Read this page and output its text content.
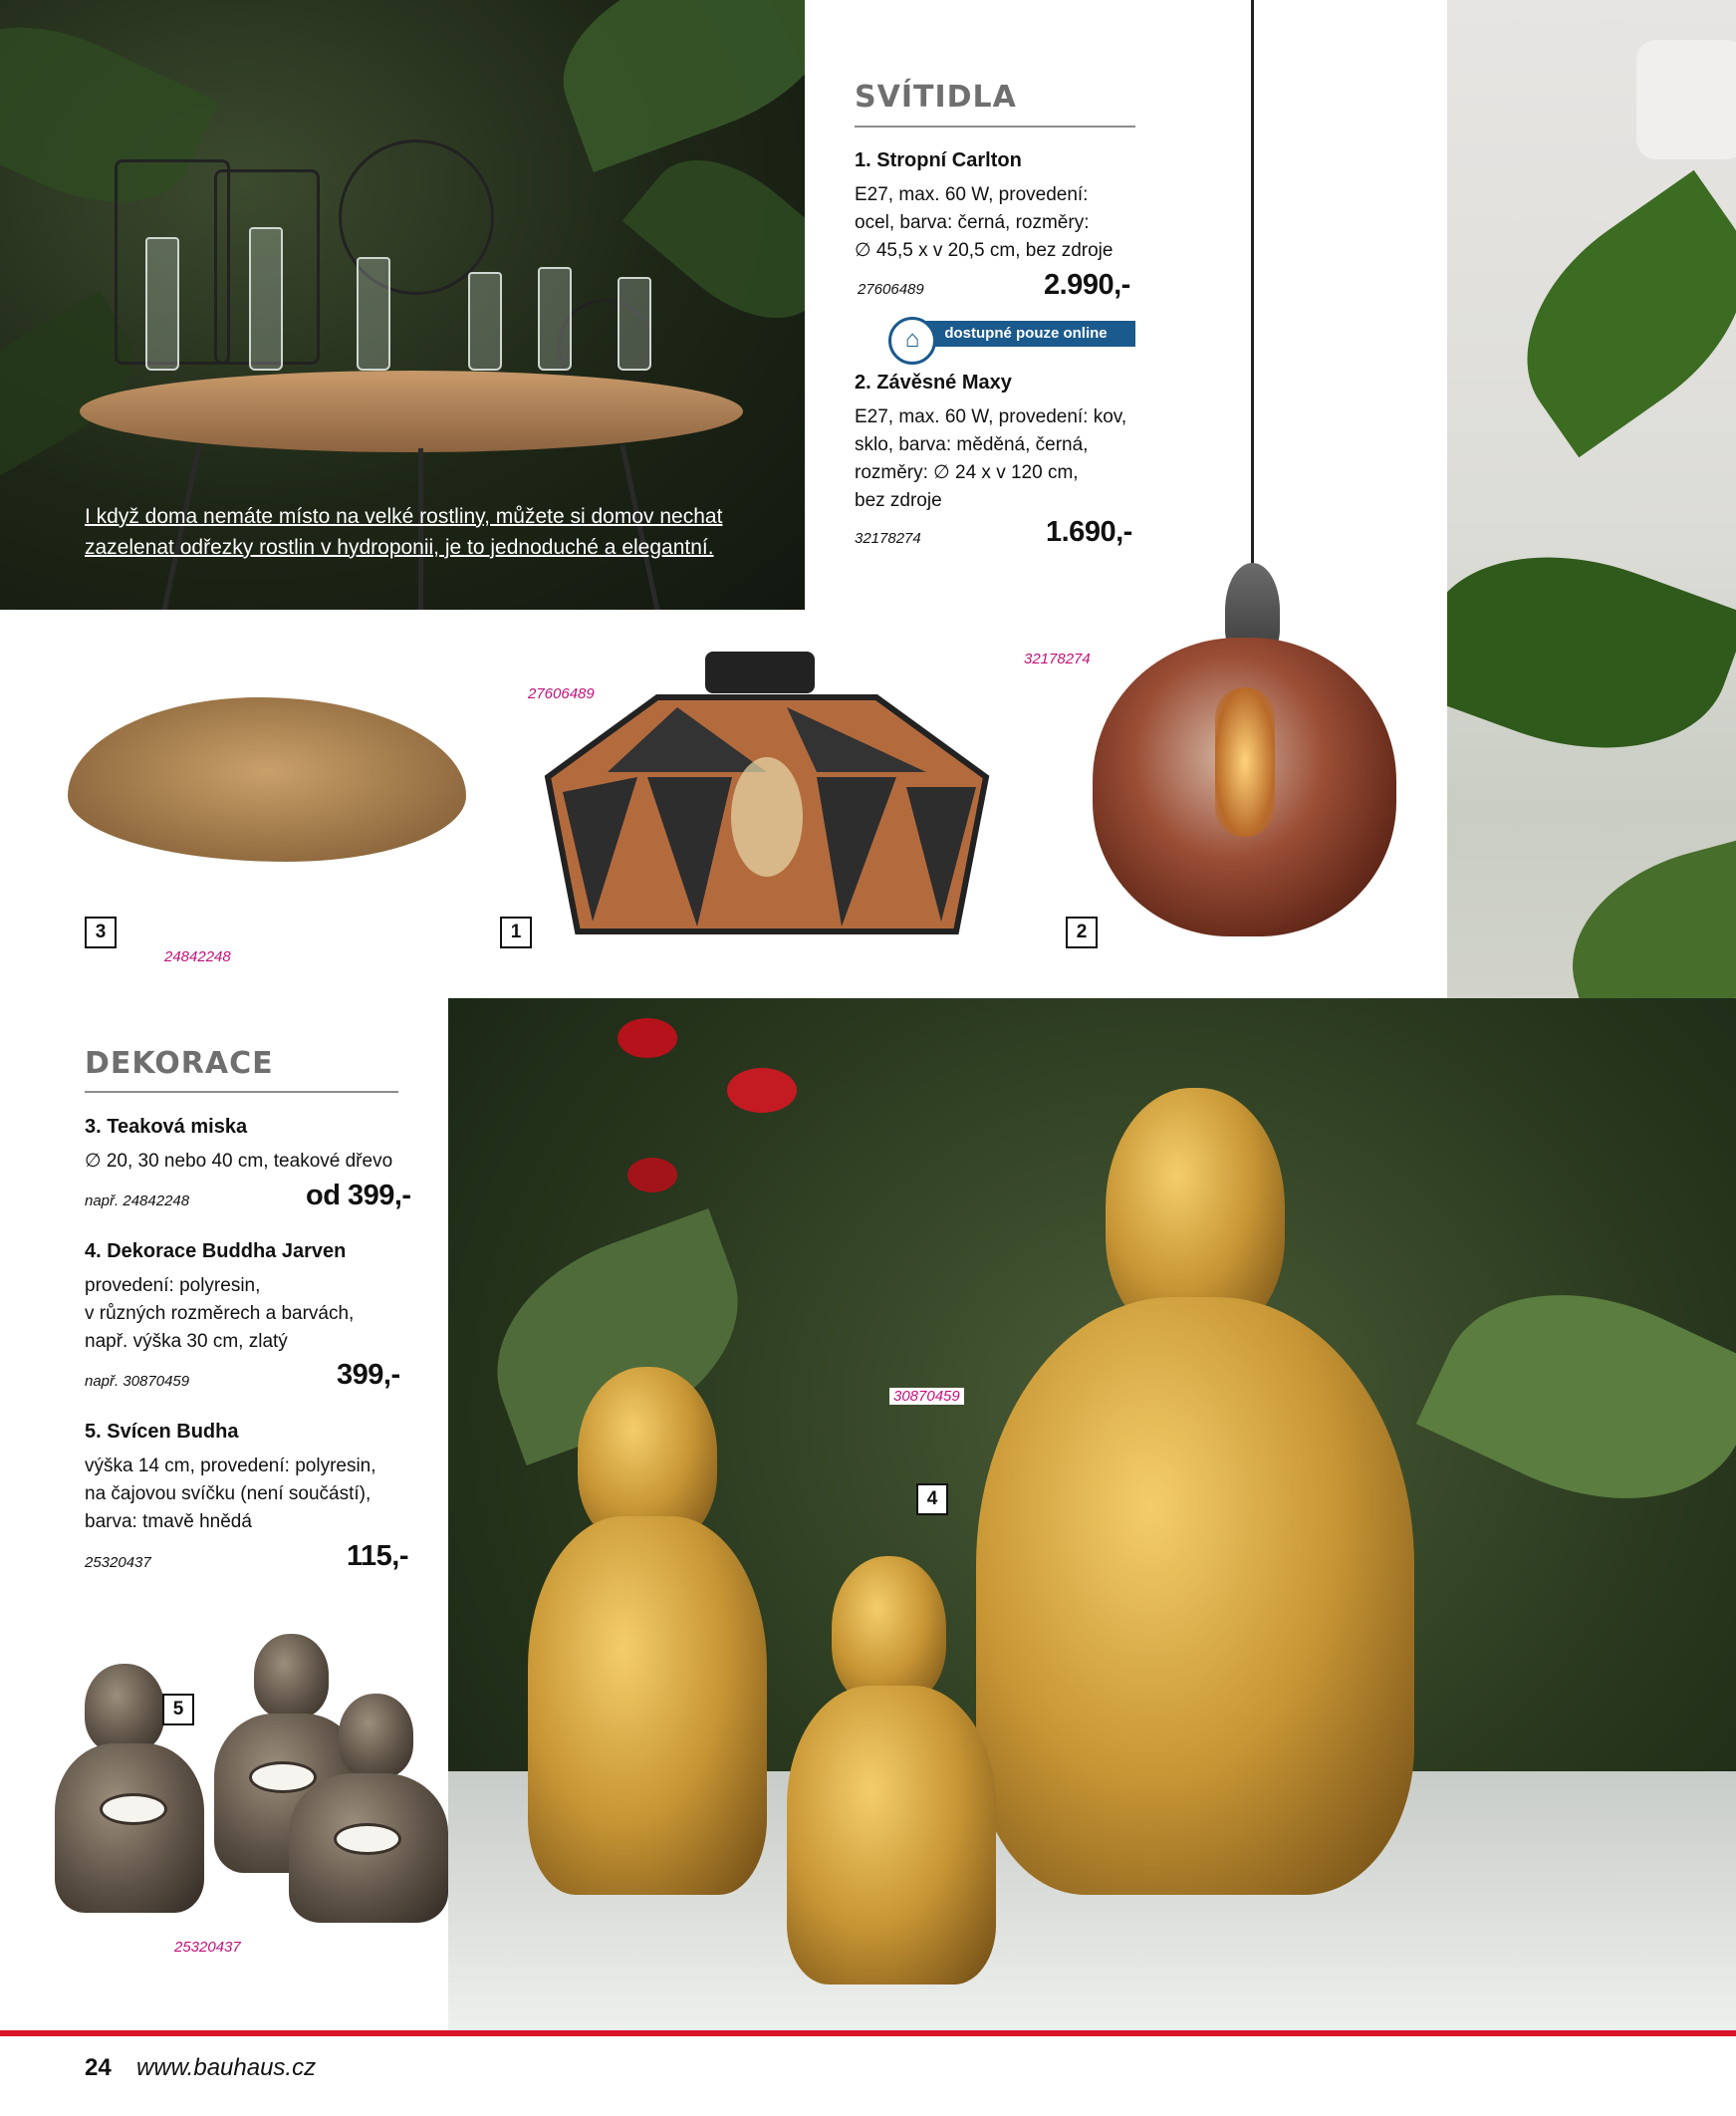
I když doma nemáte místo na velké rostliny, můžete si domov nechat
zazelenat odřezky rostlin v hydroponii, je to jednoduché a elegantní.
SVÍTIDLA
1. Stropní Carlton
E27, max. 60 W, provedení:
ocel, barva: černá, rozměry:
∅ 45,5 x v 20,5 cm, bez zdroje
27606489	2.990,-
dostupné pouze online
⌂
2. Závěsné Maxy
E27, max. 60 W, provedení: kov,
sklo, barva: měděná, černá,
rozměry: ∅ 24 x v 120 cm,
bez zdroje
32178274	1.690,-
3
24842248
1
27606489
2
32178274
4
30870459
DEKORACE
3. Teaková miska
∅ 20, 30 nebo 40 cm, teakové dřevo
např. 24842248	od 399,-
4. Dekorace Buddha Jarven
provedení: polyresin,
v různých rozměrech a barvách,
např. výška 30 cm, zlatý
např. 30870459	399,-
5. Svícen Budha
výška 14 cm, provedení: polyresin,
na čajovou svíčku (není součástí),
barva: tmavě hnědá
25320437	115,-
5
25320437
24 www.bauhaus.cz
